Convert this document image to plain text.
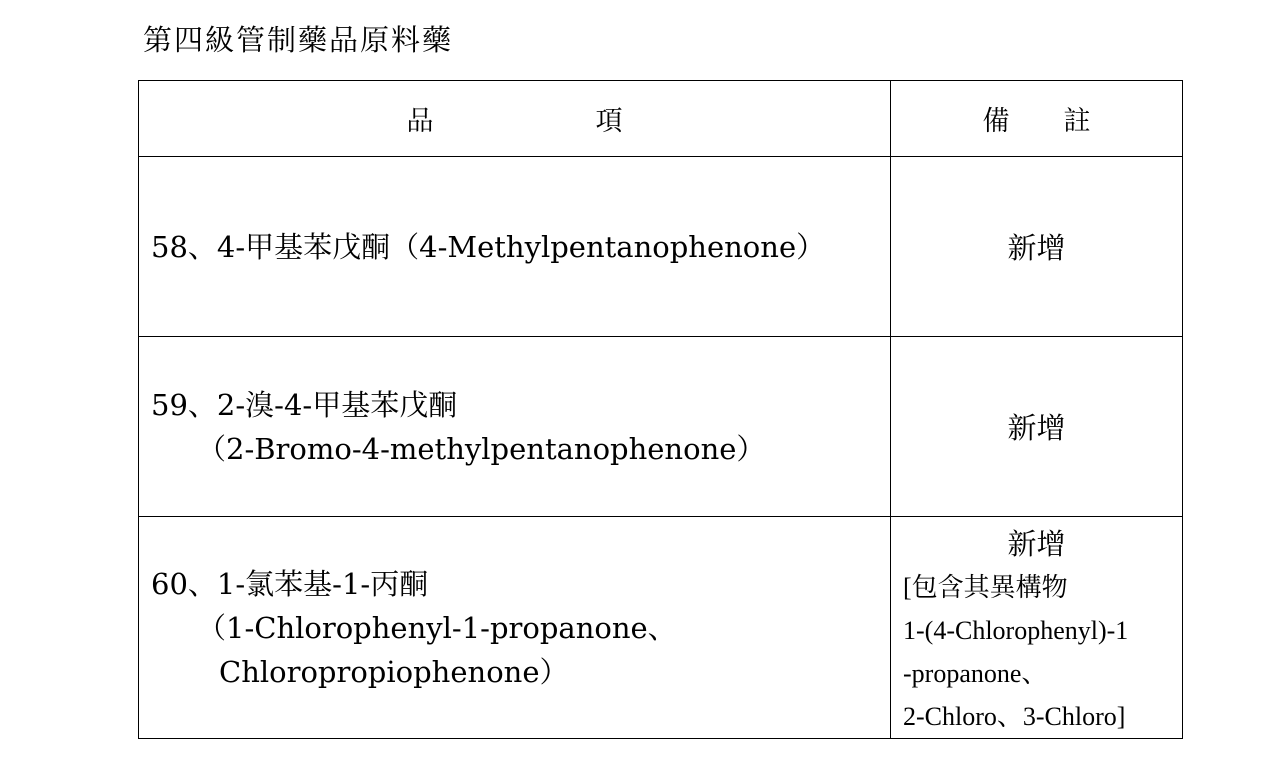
第四級管制藥品原料藥
品　　　　　　項	備　　註

58、4-甲基苯戊酮（4-Methylpentanophenone）	新增

59、2-溴-4-甲基苯戊酮
（2-Bromo-4-methylpentanophenone）	新增

60、1-氯苯基-1-丙酮
（1-Chlorophenyl-1-propanone、
Chloropropiophenone）	新增
[包含其異構物
1-(4-Chlorophenyl)-1
-propanone、
2-Chloro、3-Chloro]
